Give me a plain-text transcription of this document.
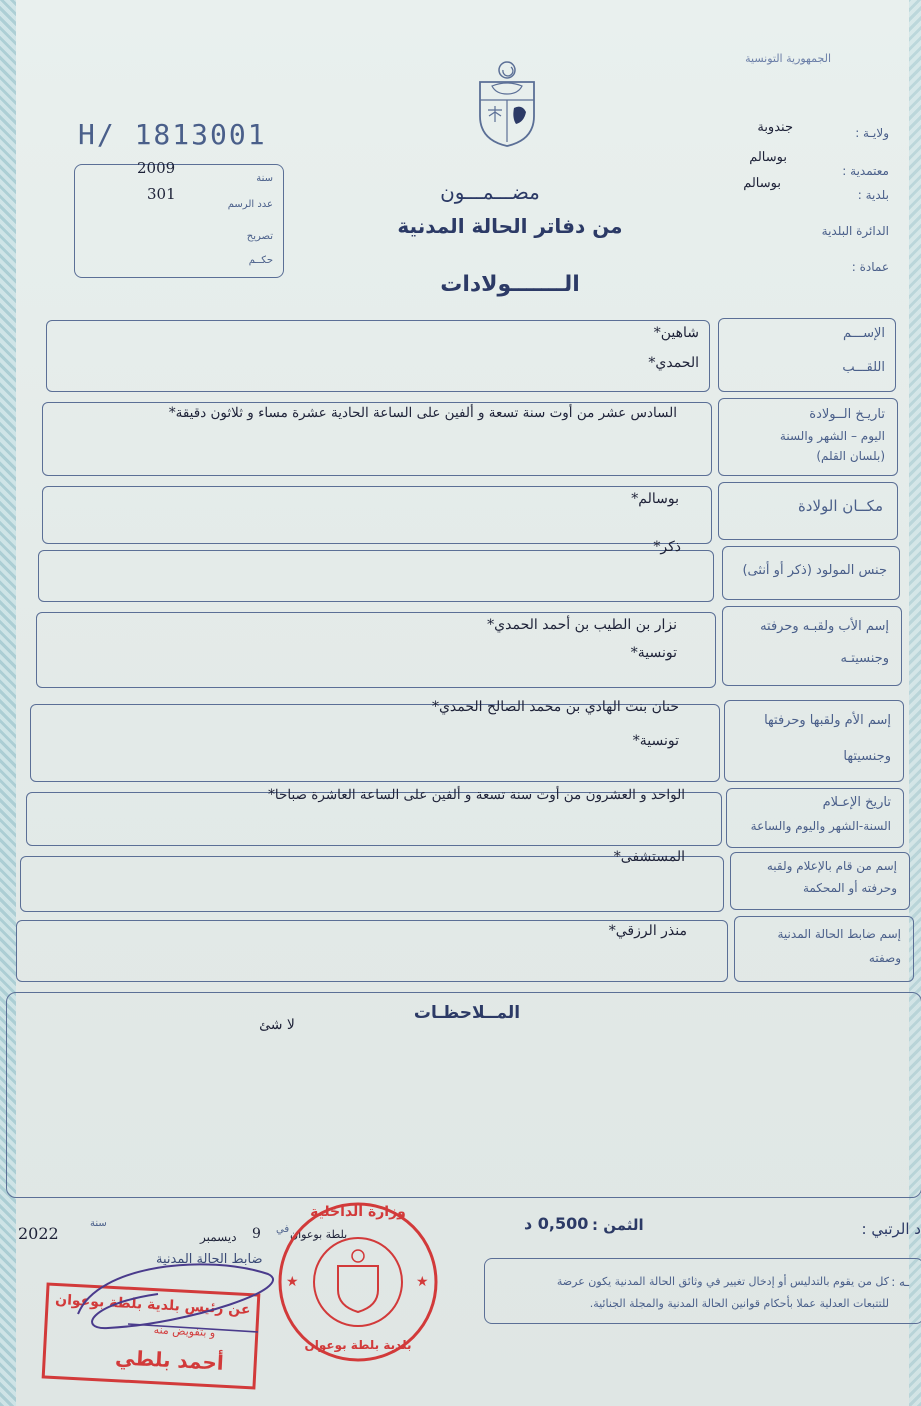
الجمهورية التونسية
H/ 1813001
2009
301
سنة
عدد الرسم
تصريح
حكــم
ولايـة :
جندوبة
معتمدية :
بوسالم
بلدية :
بوسالم
الدائرة البلدية
عمادة :
مضـــمـــون
من دفاتر الحالة المدنية
الـــــــولادات
الإســـم
اللقـــب
شاهين*
الحمدي*
تاريـخ الــولادة
اليوم – الشهر والسنة
(بلسان القلم)
السادس عشر من أوت سنة تسعة و ألفين على الساعة الحادية عشرة مساء و ثلاثون دقيقة*
مكــان الولادة
بوسالم*
جنس المولود (ذكر أو أنثى)
ذكر*
إسم الأب ولقبـه وحرفته
وجنسيتـه
نزار بن الطيب بن أحمد الحمدي*
تونسية*
إسم الأم ولقبها وحرفتها
وجنسيتها
حنان بنت الهادي بن محمد الصالح الحمدي*
تونسية*
تاريخ الإعـلام
السنة-الشهر واليوم والساعة
الواحد و العشرون من أوت سنة تسعة و ألفين على الساعة العاشرة صباحا*
إسم من قام بالإعلام ولقبه
وحرفته أو المحكمة
المستشفى*
إسم ضابط الحالة المدنية
وصفته
منذر الرزقي*
المــلاحظـات
لا شئ
2022
سنة
ديسمبر 9 في بلطة بوعوان
ضابط الحالة المدنية
الثمن :
0,500 د	د الرتبي :
ـه :
كل من يقوم بالتدليس أو إدخال تغيير في وثائق الحالة المدنية يكون عرضة
للتتبعات العدلية عملا بأحكام قوانين الحالة المدنية والمجلة الجنائية.
★	★
وزارة الداخلية
بلدية بلطة بوعوان
عن رئيس بلدية بلطة بوعوان
و بتفويض منه
أحمد بلطي
